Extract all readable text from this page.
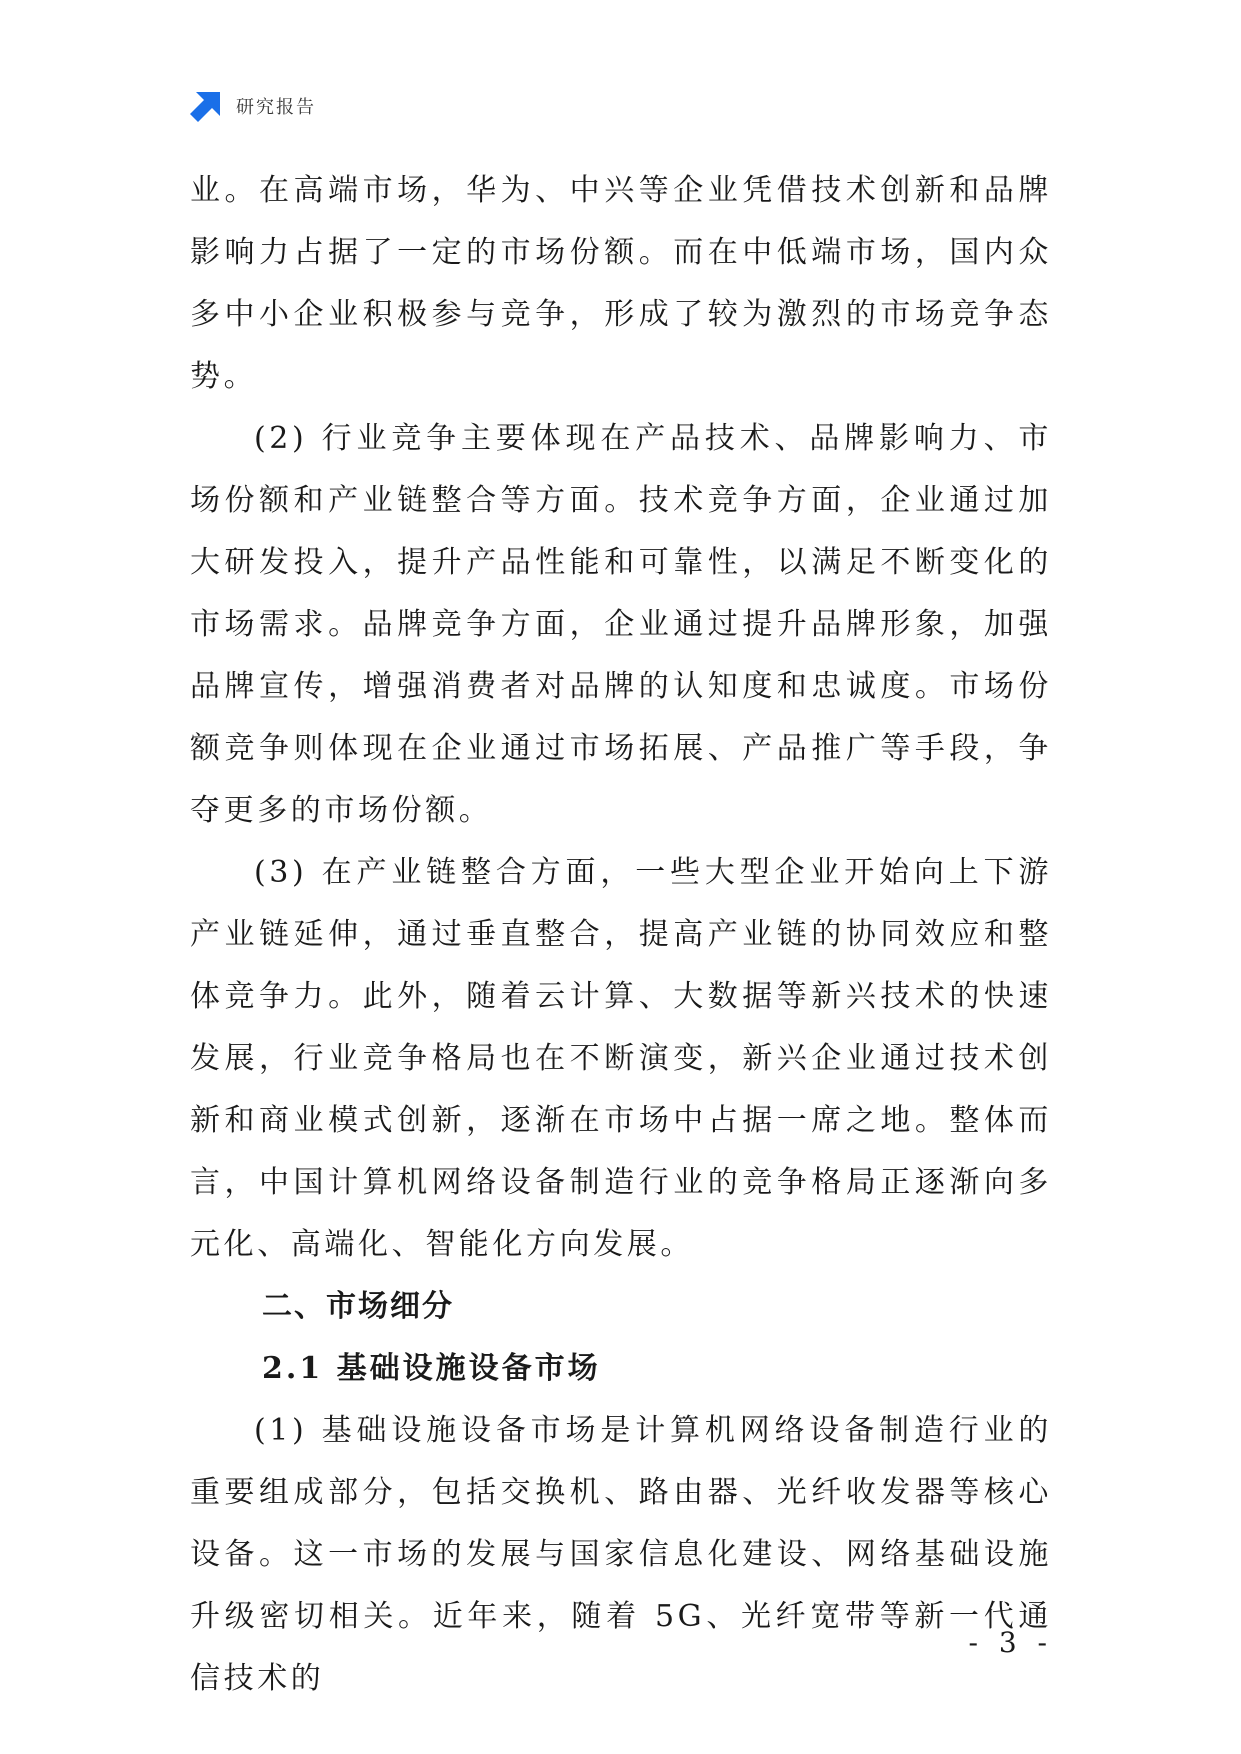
研究报告

业。在高端市场，华为、中兴等企业凭借技术创新和品牌影响力占据了一定的市场份额。而在中低端市场，国内众多中小企业积极参与竞争，形成了较为激烈的市场竞争态势。

(2) 行业竞争主要体现在产品技术、品牌影响力、市场份额和产业链整合等方面。技术竞争方面，企业通过加大研发投入，提升产品性能和可靠性，以满足不断变化的市场需求。品牌竞争方面，企业通过提升品牌形象，加强品牌宣传，增强消费者对品牌的认知度和忠诚度。市场份额竞争则体现在企业通过市场拓展、产品推广等手段，争夺更多的市场份额。

(3) 在产业链整合方面，一些大型企业开始向上下游产业链延伸，通过垂直整合，提高产业链的协同效应和整体竞争力。此外，随着云计算、大数据等新兴技术的快速发展，行业竞争格局也在不断演变，新兴企业通过技术创新和商业模式创新，逐渐在市场中占据一席之地。整体而言，中国计算机网络设备制造行业的竞争格局正逐渐向多元化、高端化、智能化方向发展。

二、市场细分
2.1 基础设施设备市场

(1) 基础设施设备市场是计算机网络设备制造行业的重要组成部分，包括交换机、路由器、光纤收发器等核心设备。这一市场的发展与国家信息化建设、网络基础设施升级密切相关。近年来，随着 5G、光纤宽带等新一代通信技术的

- 3 -
